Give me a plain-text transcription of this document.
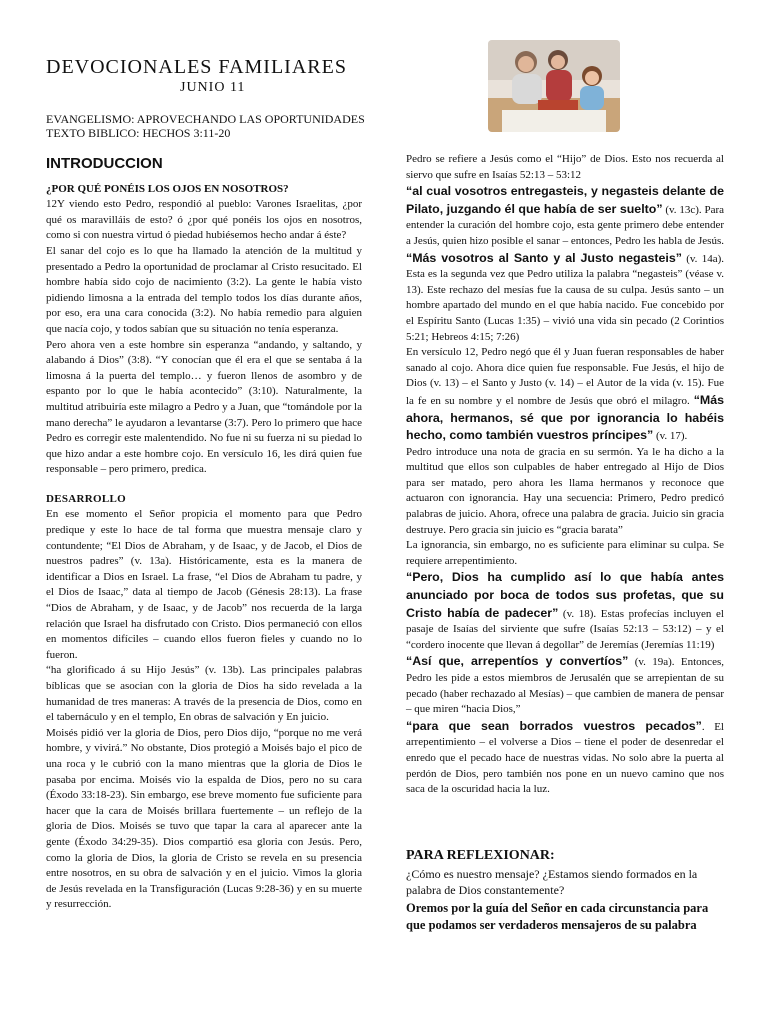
DEVOCIONALES FAMILIARES
JUNIO 11
EVANGELISMO: APROVECHANDO LAS OPORTUNIDADES
TEXTO BIBLICO: HECHOS 3:11-20
INTRODUCCION

¿POR QUÉ PONÉIS LOS OJOS EN NOSOTROS?

12Y viendo esto Pedro, respondió al pueblo: Varones Israelitas, ¿por qué os maravilláis de esto? ó ¿por qué ponéis los ojos en nosotros, como si con nuestra virtud ó piedad hubiésemos hecho andar á éste?

El sanar del cojo es lo que ha llamado la atención de la multitud y presentado a Pedro la oportunidad de proclamar al Cristo resucitado. El hombre había sido cojo de nacimiento (3:2). La gente le había visto pidiendo limosna a la entrada del templo todos los días durante años, por eso, era una cara conocida (3:2). No había remedio para alguien que nacía cojo, y todos sabían que su situación no tenía esperanza.

Pero ahora ven a este hombre sin esperanza “andando, y saltando, y alabando á Dios” (3:8). “Y conocían que él era el que se sentaba á la limosna á la puerta del templo… y fueron llenos de asombro y de espanto por lo que le había acontecido” (3:10). Naturalmente, la multitud atribuiría este milagro a Pedro y a Juan, que “tomándole por la mano derecha” le ayudaron a levantarse (3:7). Pero lo primero que hace Pedro es corregir este malentendido. No fue ni su fuerza ni su piedad lo que hizo andar a este hombre cojo. En versículo 16, les dirá quien fue responsable – pero primero, predica.

DESARROLLO

En ese momento el Señor propicia el momento para que Pedro predique y este lo hace de tal forma que muestra mensaje claro y contundente; “El Dios de Abraham, y de Isaac, y de Jacob, el Dios de nuestros padres” (v. 13a). Históricamente, esta es la manera de identificar a Dios en Israel. La frase, “el Dios de Abraham tu padre, y el Dios de Isaac,” data al tiempo de Jacob (Génesis 28:13). La frase “Dios de Abraham, y de Isaac, y de Jacob” nos recuerda de la larga relación que Israel ha disfrutado con Cristo. Dios permaneció con ellos en momentos difíciles – cuando ellos fueron fieles y cuando no lo fueron.

“ha glorificado á su Hijo Jesús” (v. 13b). Las principales palabras bíblicas que se asocian con la gloria de Dios ha sido revelada a la humanidad de tres maneras: A través de la presencia de Dios, como en el tabernáculo y en el templo, En obras de salvación y En juicio.

Moisés pidió ver la gloria de Dios, pero Dios dijo, “porque no me verá hombre, y vivirá.” No obstante, Dios protegió a Moisés bajo el pico de una roca y le cubrió con la mano mientras que la gloria de Dios le pasaba por encima. Moisés vio la espalda de Dios, pero no su cara (Éxodo 33:18-23). Sin embargo, ese breve momento fue suficiente para hacer que la cara de Moisés brillara fuertemente – un reflejo de la gloria de Dios. Moisés se tuvo que tapar la cara al aparecer ante la gente (Éxodo 34:29-35). Dios compartió esa gloria con Jesús. Pero, como la gloria de Dios, la gloria de Cristo se revela en su presencia entre nosotros, en su obra de salvación y en el juicio. Vimos la gloria de Jesús revelada en la Transfiguración (Lucas 9:28-36) y en su muerte y resurrección.

Pedro se refiere a Jesús como el “Hijo” de Dios. Esto nos recuerda al siervo que sufre en Isaías 52:13 – 53:12

“al cual vosotros entregasteis, y negasteis delante de Pilato, juzgando él que había de ser suelto” (v. 13c). Para entender la curación del hombre cojo, esta gente primero debe entender a Jesús, quien hizo posible el sanar – entonces, Pedro les habla de Jesús. “Más vosotros al Santo y al Justo negasteis” (v. 14a). Esta es la segunda vez que Pedro utiliza la palabra “negasteis” (véase v. 13). Este rechazo del mesías fue la causa de su culpa. Jesús santo – un hombre apartado del mundo en el que había nacido. Fue concebido por el Espíritu Santo (Lucas 1:35) – vivió una vida sin pecado (2 Corintios 5:21; Hebreos 4:15; 7:26)

En versículo 12, Pedro negó que él y Juan fueran responsables de haber sanado al cojo. Ahora dice quien fue responsable. Fue Jesús, el hijo de Dios (v. 13) – el Santo y Justo (v. 14) – el Autor de la vida (v. 15). Fue la fe en su nombre y el nombre de Jesús que obró el milagro. “Más ahora, hermanos, sé que por ignorancia lo habéis hecho, como también vuestros príncipes” (v. 17).

Pedro introduce una nota de gracia en su sermón. Ya le ha dicho a la multitud que ellos son culpables de haber entregado al Hijo de Dios para ser matado, pero ahora les llama hermanos y reconoce que actuaron con ignorancia. Hay una secuencia: Primero, Pedro predicó palabras de juicio. Ahora, ofrece una palabra de gracia. Juicio sin gracia destruye. Pero gracia sin juicio es “gracia barata”

La ignorancia, sin embargo, no es suficiente para eliminar su culpa. Se requiere arrepentimiento.

“Pero, Dios ha cumplido así lo que había antes anunciado por boca de todos sus profetas, que su Cristo había de padecer” (v. 18). Estas profecías incluyen el pasaje de Isaías del sirviente que sufre (Isaías 52:13 – 53:12) – y el “cordero inocente que llevan á degollar” de Jeremías (Jeremías 11:19)

“Así que, arrepentíos y convertíos” (v. 19a). Entonces, Pedro les pide a estos miembros de Jerusalén que se arrepientan de su pecado (haber rechazado al Mesías) – que cambien de manera de pensar – que miren “hacia Dios,”

“para que sean borrados vuestros pecados”. El arrepentimiento – el volverse a Dios – tiene el poder de desenredar el enredo que el pecado hace de nuestras vidas. No solo abre la puerta al perdón de Dios, pero también nos pone en un nuevo camino que nos saca de la oscuridad hacia la luz.

PARA REFLEXIONAR:

¿Cómo es nuestro mensaje? ¿Estamos siendo formados en la palabra de Dios constantemente?

Oremos por la guía del Señor en cada circunstancia para que podamos ser verdaderos mensajeros de su palabra
